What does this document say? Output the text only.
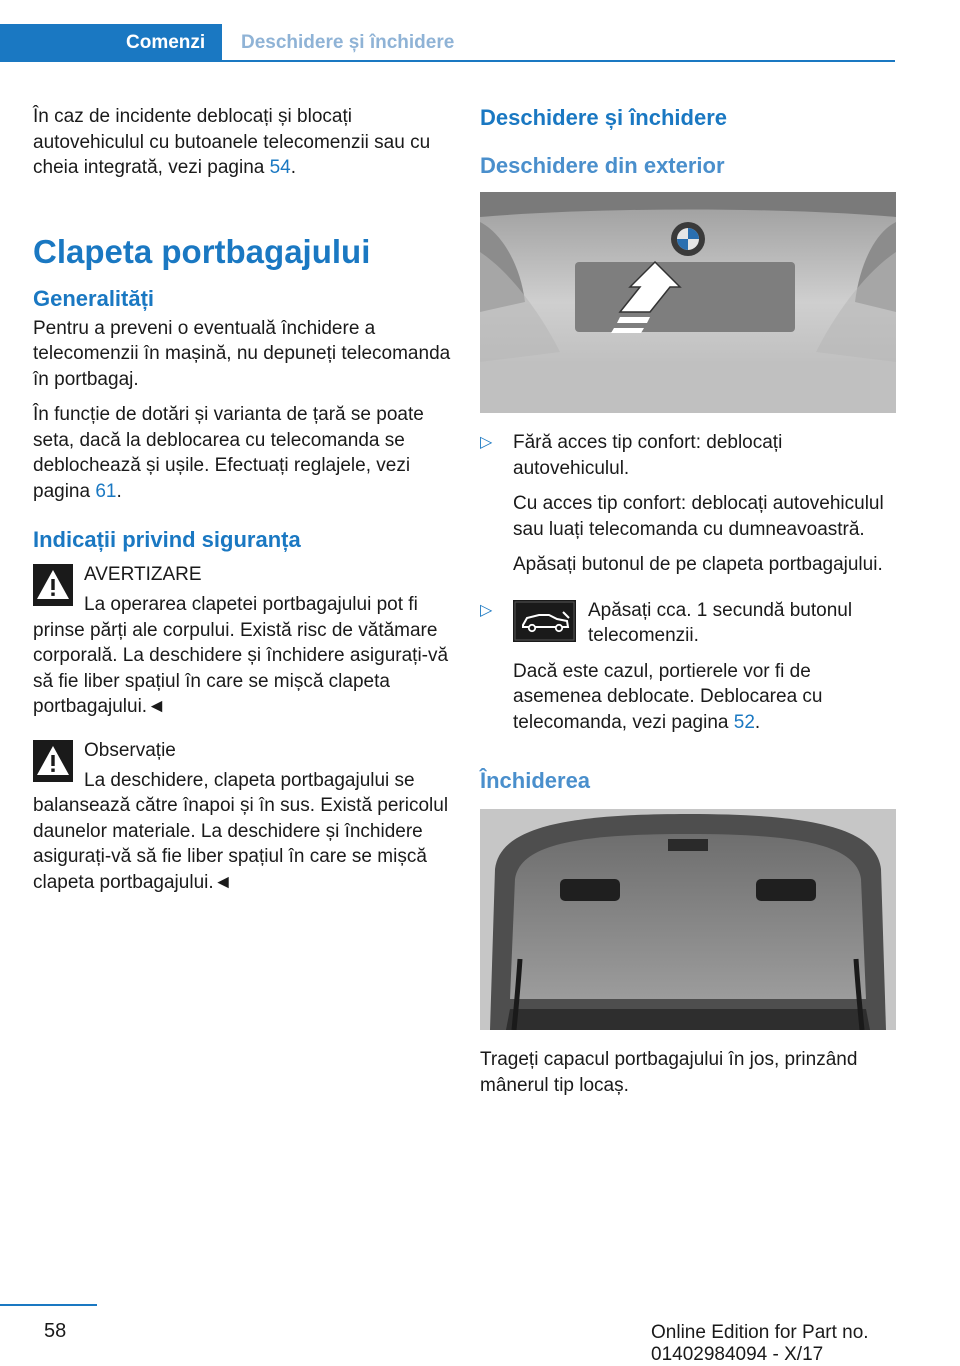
Comenzi	Deschidere și închidere

În caz de incidente deblocați și blocați autovehiculul cu butoanele telecomenzii sau cu cheia integrată, vezi pagina 54.

Clapeta portbagajului
Generalități

Pentru a preveni o eventuală închidere a telecomenzii în mașină, nu depuneți telecomanda în portbagaj.

În funcție de dotări și varianta de țară se poate seta, dacă la deblocarea cu telecomanda se deblochează și ușile. Efectuați reglajele, vezi pagina 61.

Indicații privind siguranța
AVERTIZARE

La operarea clapetei portbagajului pot fi prinse părți ale corpului. Există risc de vătămare corporală. La deschidere și închidere asigurați-vă să fie liber spațiul în care se mișcă clapeta portbagajului.◄

Observație

La deschidere, clapeta portbagajului se balansează către înapoi și în sus. Există pericolul daunelor materiale. La deschidere și închidere asigurați-vă să fie liber spațiul în care se mișcă clapeta portbagajului.◄

Deschidere și închidere
Deschidere din exterior
▷	Fără acces tip confort: deblocați autovehiculul.

Cu acces tip confort: deblocați autovehiculul sau luați telecomanda cu dumneavoastră.

Apăsați butonul de pe clapeta portbagajului.

▷	Apăsați cca. 1 secundă butonul telecomenzii.

Dacă este cazul, portierele vor fi de asemenea deblocate. Deblocarea cu telecomanda, vezi pagina 52.

Închiderea

Trageți capacul portbagajului în jos, prinzând mânerul tip locaș.

58	Online Edition for Part no. 01402984094 - X/17
